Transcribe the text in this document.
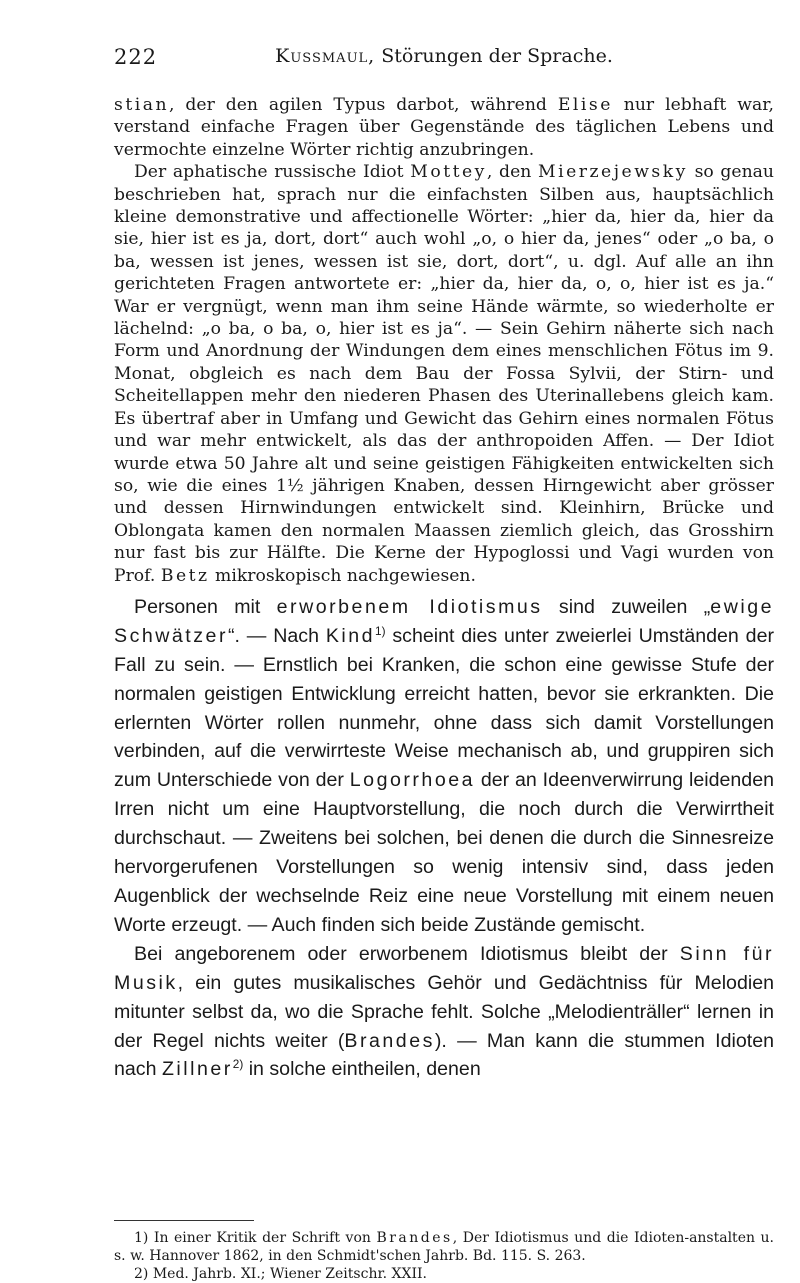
222	Kussmaul, Störungen der Sprache.

stian, der den agilen Typus darbot, während Elise nur lebhaft war, verstand einfache Fragen über Gegenstände des täglichen Lebens und vermochte einzelne Wörter richtig anzubringen.

Der aphatische russische Idiot Mottey, den Mierzejewsky so genau beschrieben hat, sprach nur die einfachsten Silben aus, hauptsächlich kleine demonstrative und affectionelle Wörter: „hier da, hier da, hier da sie, hier ist es ja, dort, dort“ auch wohl „o, o hier da, jenes“ oder „o ba, o ba, wessen ist jenes, wessen ist sie, dort, dort“, u. dgl. Auf alle an ihn gerichteten Fragen antwortete er: „hier da, hier da, o, o, hier ist es ja.“ War er vergnügt, wenn man ihm seine Hände wärmte, so wiederholte er lächelnd: „o ba, o ba, o, hier ist es ja“. — Sein Gehirn näherte sich nach Form und Anordnung der Windungen dem eines menschlichen Fötus im 9. Monat, obgleich es nach dem Bau der Fossa Sylvii, der Stirn- und Scheitellappen mehr den niederen Phasen des Uterinallebens gleich kam. Es übertraf aber in Umfang und Gewicht das Gehirn eines normalen Fötus und war mehr entwickelt, als das der anthropoiden Affen. — Der Idiot wurde etwa 50 Jahre alt und seine geistigen Fähigkeiten entwickelten sich so, wie die eines 1½ jährigen Knaben, dessen Hirngewicht aber grösser und dessen Hirnwindungen entwickelt sind. Kleinhirn, Brücke und Oblongata kamen den normalen Maassen ziemlich gleich, das Grosshirn nur fast bis zur Hälfte. Die Kerne der Hypoglossi und Vagi wurden von Prof. Betz mikroskopisch nachgewiesen.

Personen mit erworbenem Idiotismus sind zuweilen „ewige Schwätzer“. — Nach Kind$^{1)}$ scheint dies unter zweierlei Umständen der Fall zu sein. — Ernstlich bei Kranken, die schon eine gewisse Stufe der normalen geistigen Entwicklung erreicht hatten, bevor sie erkrankten. Die erlernten Wörter rollen nunmehr, ohne dass sich damit Vorstellungen verbinden, auf die verwirrteste Weise mechanisch ab, und gruppiren sich zum Unterschiede von der Logorrhoea der an Ideenverwirrung leidenden Irren nicht um eine Hauptvorstellung, die noch durch die Verwirrtheit durchschaut. — Zweitens bei solchen, bei denen die durch die Sinnesreize hervorgerufenen Vorstellungen so wenig intensiv sind, dass jeden Augenblick der wechselnde Reiz eine neue Vorstellung mit einem neuen Worte erzeugt. — Auch finden sich beide Zustände gemischt.

Bei angeborenem oder erworbenem Idiotismus bleibt der Sinn für Musik, ein gutes musikalisches Gehör und Gedächtniss für Melodien mitunter selbst da, wo die Sprache fehlt. Solche „Melodienträller“ lernen in der Regel nichts weiter (Brandes). — Man kann die stummen Idioten nach Zillner$^{2)}$ in solche eintheilen, denen

1) In einer Kritik der Schrift von Brandes, Der Idiotismus und die Idioten-anstalten u. s. w. Hannover 1862, in den Schmidt'schen Jahrb. Bd. 115. S. 263.

2) Med. Jahrb. XI.; Wiener Zeitschr. XXII.
